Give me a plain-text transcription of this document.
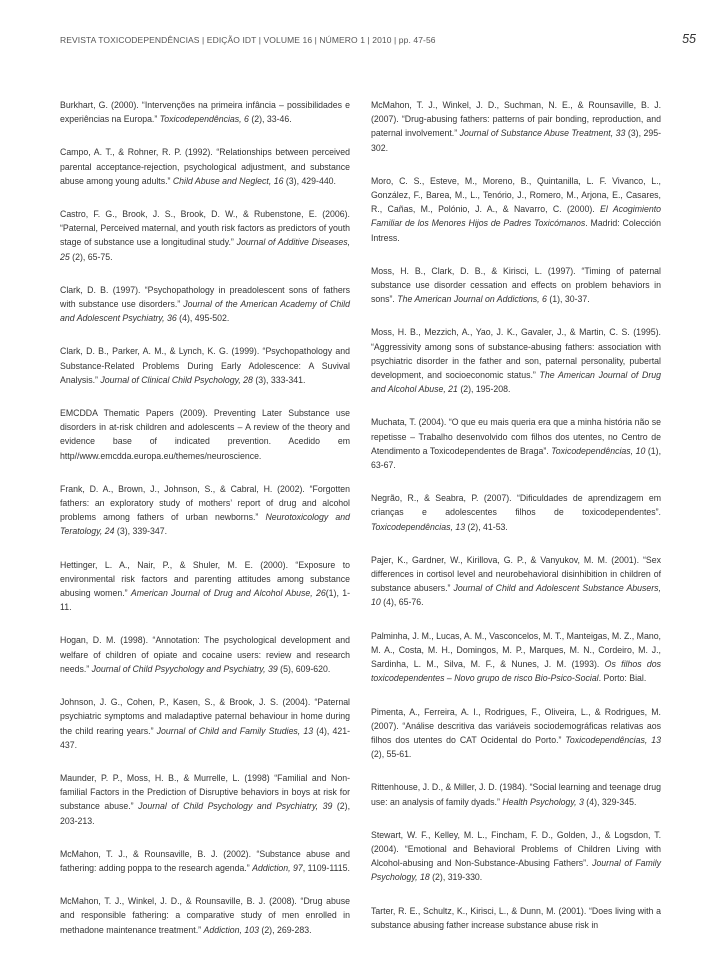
REVISTA TOXICODEPENDÊNCIAS | EDIÇÃO IDT | VOLUME 16 | NÚMERO 1 | 2010 | pp. 47-56	55

Burkhart, G. (2000). “Intervenções na primeira infância – possibilidades e experiências na Europa.” Toxicodependências, 6 (2), 33-46.

Campo, A. T., & Rohner, R. P. (1992). “Relationships between perceived parental acceptance-rejection, psychological adjustment, and substance abuse among young adults.” Child Abuse and Neglect, 16 (3), 429-440.

Castro, F. G., Brook, J. S., Brook, D. W., & Rubenstone, E. (2006). “Paternal, Perceived maternal, and youth risk factors as predictors of youth stage of substance use a longitudinal study.” Journal of Additive Diseases, 25 (2), 65-75.

Clark, D. B. (1997). “Psychopathology in preadolescent sons of fathers with substance use disorders.” Journal of the American Academy of Child and Adolescent Psychiatry, 36 (4), 495-502.

Clark, D. B., Parker, A. M., & Lynch, K. G. (1999). “Psychopathology and Substance-Related Problems During Early Adolescence: A Suvival Analysis.” Journal of Clinical Child Psychology, 28 (3), 333-341.

EMCDDA Thematic Papers (2009). Preventing Later Substance use disorders in at-risk children and adolescents – A review of the theory and evidence base of indicated prevention. Acedido em http//www.emcdda.europa.eu/themes/neuroscience.

Frank, D. A., Brown, J., Johnson, S., & Cabral, H. (2002). “Forgotten fathers: an exploratory study of mothers’ report of drug and alcohol problems among fathers of urban newborns.” Neurotoxicology and Teratology, 24 (3), 339-347.

Hettinger, L. A., Nair, P., & Shuler, M. E. (2000). “Exposure to environmental risk factors and parenting attitudes among substance abusing women.” American Journal of Drug and Alcohol Abuse, 26(1), 1-11.

Hogan, D. M. (1998). “Annotation: The psychological development and welfare of children of opiate and cocaine users: review and research needs.” Journal of Child Psyychology and Psychiatry, 39 (5), 609-620.

Johnson, J. G., Cohen, P., Kasen, S., & Brook, J. S. (2004). “Paternal psychiatric symptoms and maladaptive paternal behaviour in home during the child rearing years.” Journal of Child and Family Studies, 13 (4), 421-437.

Maunder, P. P., Moss, H. B., & Murrelle, L. (1998) “Familial and Non-familial Factors in the Prediction of Disruptive behaviors in boys at risk for substance abuse.” Journal of Child Psychology and Psychiatry, 39 (2), 203-213.

McMahon, T. J., & Rounsaville, B. J. (2002). “Substance abuse and fathering: adding poppa to the research agenda.” Addiction, 97, 1109-1115.

McMahon, T. J., Winkel, J. D., & Rounsaville, B. J. (2008). “Drug abuse and responsible fathering: a comparative study of men enrolled in methadone maintenance treatment.” Addiction, 103 (2), 269-283.

McMahon, T. J., Winkel, J. D., Suchman, N. E., & Rounsaville, B. J. (2007). “Drug-abusing fathers: patterns of pair bonding, reproduction, and paternal involvement.” Journal of Substance Abuse Treatment, 33 (3), 295-302.

Moro, C. S., Esteve, M., Moreno, B., Quintanilla, L. F. Vivanco, L., González, F., Barea, M., L., Tenório, J., Romero, M., Arjona, E., Casares, R., Cañas, M., Polónio, J. A., & Navarro, C. (2000). El Acogimiento Familiar de los Menores Hijos de Padres Toxicómanos. Madrid: Colección Intress.

Moss, H. B., Clark, D. B., & Kirisci, L. (1997). “Timing of paternal substance use disorder cessation and effects on problem behaviors in sons”. The American Journal on Addictions, 6 (1), 30-37.

Moss, H. B., Mezzich, A., Yao, J. K., Gavaler, J., & Martin, C. S. (1995). “Aggressivity among sons of substance-abusing fathers: association with psychiatric disorder in the father and son, paternal personality, pubertal development, and socioeconomic status.” The American Journal of Drug and Alcohol Abuse, 21 (2), 195-208.

Muchata, T. (2004). “O que eu mais queria era que a minha história não se repetisse – Trabalho desenvolvido com filhos dos utentes, no Centro de Atendimento a Toxicodependentes de Braga”. Toxicodependências, 10 (1), 63-67.

Negrão, R., & Seabra, P. (2007). “Dificuldades de aprendizagem em crianças e adolescentes filhos de toxicodependentes”. Toxicodependências, 13 (2), 41-53.

Pajer, K., Gardner, W., Kirillova, G. P., & Vanyukov, M. M. (2001). “Sex differences in cortisol level and neurobehavioral disinhibition in children of substance abusers.” Journal of Child and Adolescent Substance Abusers, 10 (4), 65-76.

Palminha, J. M., Lucas, A. M., Vasconcelos, M. T., Manteigas, M. Z., Mano, M. A., Costa, M. H., Domingos, M. P., Marques, M. N., Cordeiro, M. J., Sardinha, L. M., Silva, M. F., & Nunes, J. M. (1993). Os filhos dos toxicodependentes – Novo grupo de risco Bio-Psico-Social. Porto: Bial.

Pimenta, A., Ferreira, A. I., Rodrigues, F., Oliveira, L., & Rodrigues, M. (2007). “Análise descritiva das variáveis sociodemográficas relativas aos filhos dos utentes do CAT Ocidental do Porto.” Toxicodependências, 13 (2), 55-61.

Rittenhouse, J. D., & Miller, J. D. (1984). “Social learning and teenage drug use: an analysis of family dyads.” Health Psychology, 3 (4), 329-345.

Stewart, W. F., Kelley, M. L., Fincham, F. D., Golden, J., & Logsdon, T. (2004). “Emotional and Behavioral Problems of Children Living with Alcohol-abusing and Non-Substance-Abusing Fathers”. Journal of Family Psychology, 18 (2), 319-330.

Tarter, R. E., Schultz, K., Kirisci, L., & Dunn, M. (2001). “Does living with a substance abusing father increase substance abuse risk in
